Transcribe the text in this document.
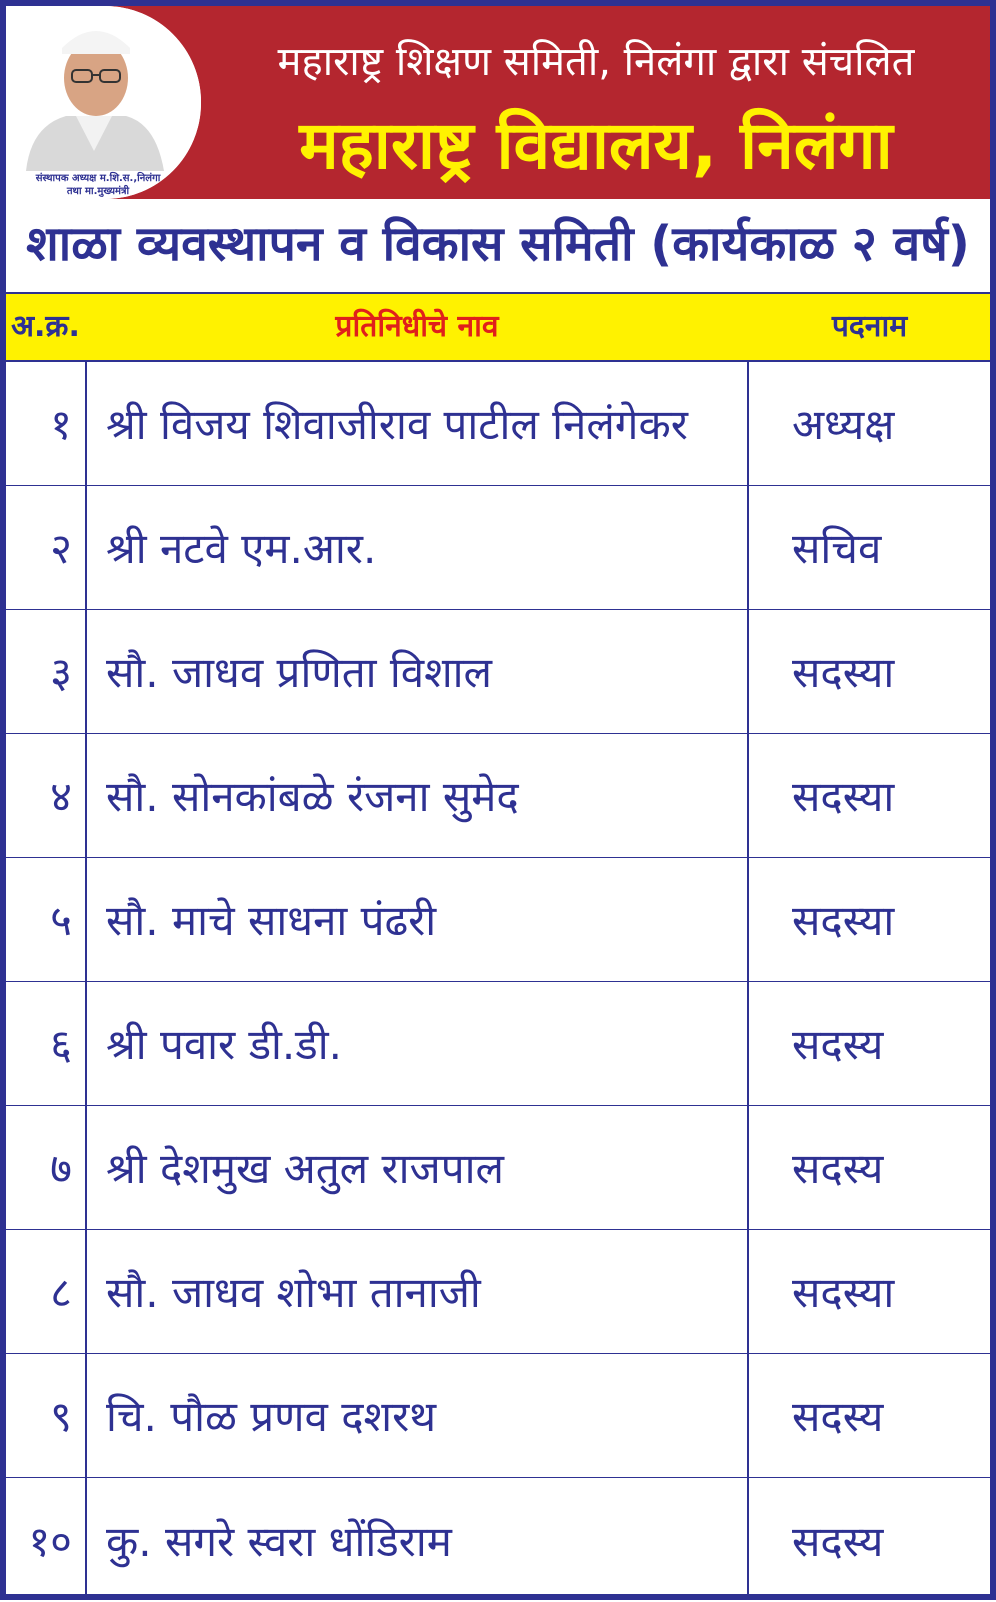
संस्थापक अध्यक्ष म.शि.स.,निलंगा
तथा मा.मुख्यमंत्री
महाराष्ट्र शिक्षण समिती, निलंगा द्वारा संचलित
महाराष्ट्र विद्यालय, निलंगा
शाळा व्यवस्थापन व विकास समिती (कार्यकाळ २ वर्ष)
अ.क्र.	प्रतिनिधीचे नाव	पदनाम
१ श्री विजय शिवाजीराव पाटील निलंगेकर	अध्यक्ष
२ श्री नटवे एम.आर.	सचिव
३ सौ. जाधव प्रणिता विशाल	सदस्या
४ सौ. सोनकांबळे रंजना सुमेद	सदस्या
५ सौ. माचे साधना पंढरी	सदस्या
६ श्री पवार डी.डी.	सदस्य
७ श्री देशमुख अतुल राजपाल	सदस्य
८ सौ. जाधव शोभा तानाजी	सदस्या
९ चि. पौळ प्रणव दशरथ	सदस्य
१० कु. सगरे स्वरा धोंडिराम	सदस्य
